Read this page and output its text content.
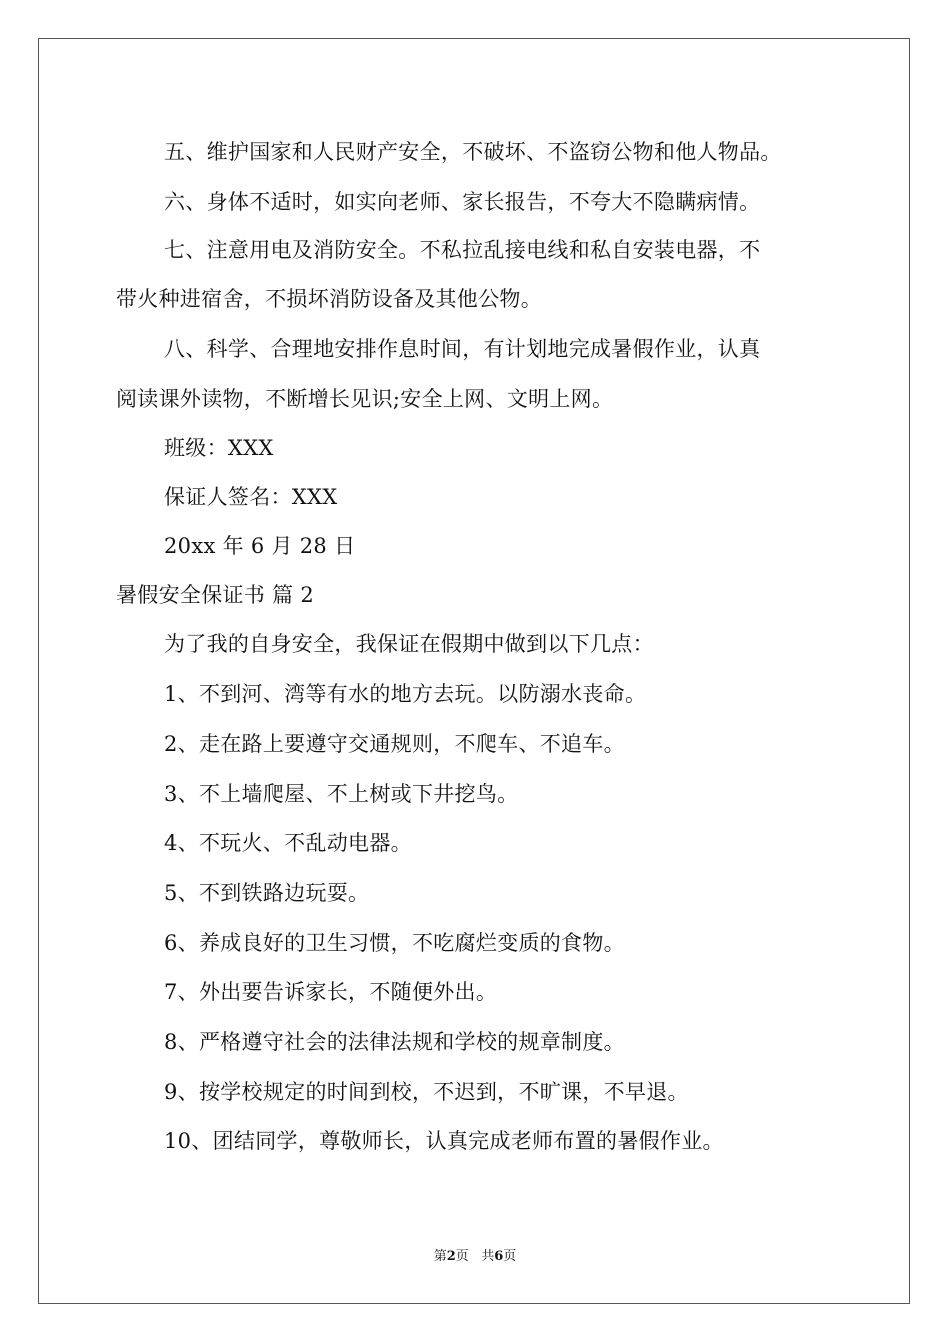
五、维护国家和人民财产安全，不破坏、不盗窃公物和他人物品。
六、身体不适时，如实向老师、家长报告，不夸大不隐瞒病情。
七、注意用电及消防安全。不私拉乱接电线和私自安装电器，不
带火种进宿舍，不损坏消防设备及其他公物。
八、科学、合理地安排作息时间，有计划地完成暑假作业，认真
阅读课外读物，不断增长见识;安全上网、文明上网。
班级：XXX
保证人签名：XXX
20xx 年 6 月 28 日
暑假安全保证书 篇 2
为了我的自身安全，我保证在假期中做到以下几点：
1、不到河、湾等有水的地方去玩。以防溺水丧命。
2、走在路上要遵守交通规则，不爬车、不追车。
3、不上墙爬屋、不上树或下井挖鸟。
4、不玩火、不乱动电器。
5、不到铁路边玩耍。
6、养成良好的卫生习惯，不吃腐烂变质的食物。
7、外出要告诉家长，不随便外出。
8、严格遵守社会的法律法规和学校的规章制度。
9、按学校规定的时间到校，不迟到，不旷课，不早退。
10、团结同学，尊敬师长，认真完成老师布置的暑假作业。
第2页   共6页
